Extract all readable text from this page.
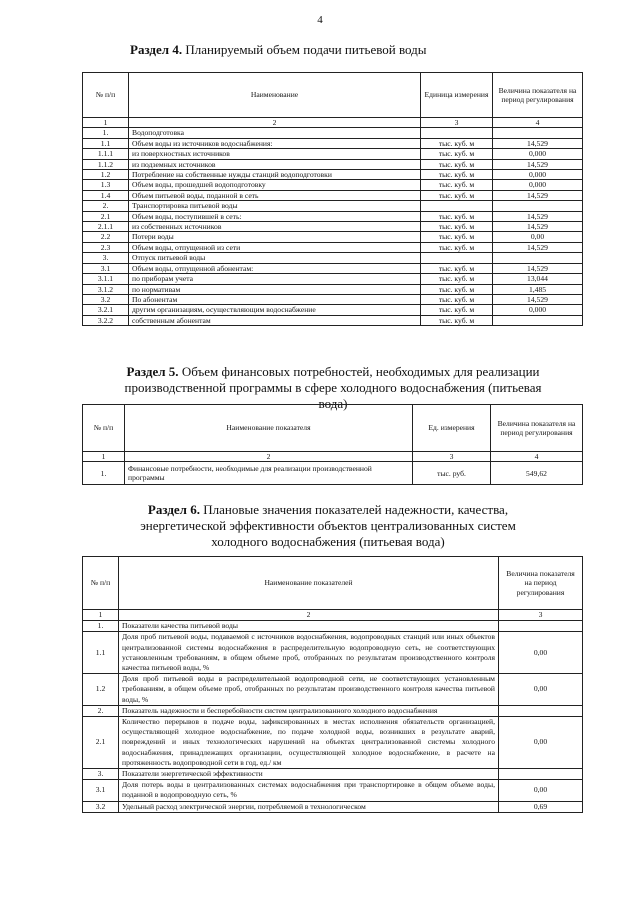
4
Раздел 4. Планируемый объем подачи питьевой воды
№ п/п	Наименование	Единица измерения	Величина показателя на период регулирования
1	2	3	4
1.	Водоподготовка		
1.1	Объем воды из источников водоснабжения:	тыс. куб. м	14,529
1.1.1	из поверхностных источников	тыс. куб. м	0,000
1.1.2	из подземных источников	тыс. куб. м	14,529
1.2	Потребление на собственные нужды станций водоподготовки	тыс. куб. м	0,000
1.3	Объем воды, прошедшей водоподготовку	тыс. куб. м	0,000
1.4	Объем питьевой воды, поданной в сеть	тыс. куб. м	14,529
2.	Транспортировка питьевой воды		
2.1	Объем воды, поступившей в сеть:	тыс. куб. м	14,529
2.1.1	из собственных источников	тыс. куб. м	14,529
2.2	Потери воды	тыс. куб. м	0,00
2.3	Объем воды, отпущенной из сети	тыс. куб. м	14,529
3.	Отпуск питьевой воды		
3.1	Объем воды, отпущенной абонентам:	тыс. куб. м	14,529
3.1.1	по приборам учета	тыс. куб. м	13,044
3.1.2	по нормативам	тыс. куб. м	1,485
3.2	По абонентам	тыс. куб. м	14,529
3.2.1	другим организациям, осуществляющим водоснабжение	тыс. куб. м	0,000
3.2.2	собственным абонентам	тыс. куб. м	
Раздел 5. Объем финансовых потребностей, необходимых для реализации производственной программы в сфере холодного водоснабжения (питьевая вода)
№ п/п	Наименование показателя	Ед. измерения	Величина показателя на период регулирования
1	2	3	4
1.	Финансовые потребности, необходимые для реализации производственной программы	тыс. руб.	549,62
Раздел 6. Плановые значения показателей надежности, качества, энергетической эффективности объектов централизованных систем холодного водоснабжения (питьевая вода)
№ п/п	Наименование показателей	Величина показателя на период регулирования
1	2	3
1.	Показатели качества питьевой воды	
1.1	Доля проб питьевой воды, подаваемой с источников водоснабжения, водопроводных станций или иных объектов централизованной системы водоснабжения в распределительную водопроводную сеть, не соответствующих установленным требованиям, в общем объеме проб, отобранных по результатам производственного контроля качества питьевой воды, %	0,00
1.2	Доля проб питьевой воды в распределительной водопроводной сети, не соответствующих установленным требованиям, в общем объеме проб, отобранных по результатам производственного контроля качества питьевой воды, %	0,00
2.	Показатель надежности и бесперебойности систем централизованного холодного водоснабжения	
2.1	Количество перерывов в подаче воды, зафиксированных в местах исполнения обязательств организацией, осуществляющей холодное водоснабжение, по подаче холодной воды, возникших в результате аварий, повреждений и иных технологических нарушений на объектах централизованной системы холодного водоснабжения, принадлежащих организации, осуществляющей холодное водоснабжение, в расчете на протяженность водопроводной сети в год, ед./ км	0,00
3.	Показатели энергетической эффективности	
3.1	Доля потерь воды в централизованных системах водоснабжения при транспортировке в общем объеме воды, поданной в водопроводную сеть, %	0,00
3.2	Удельный расход электрической энергии, потребляемой в технологическом	0,69
